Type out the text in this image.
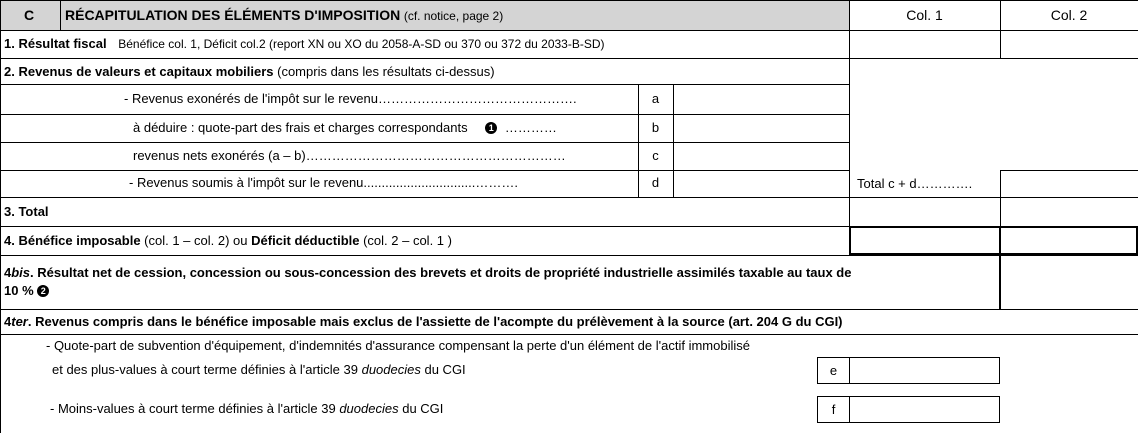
C RÉCAPITULATION DES ÉLÉMENTS D'IMPOSITION (cf. notice, page 2)	Col. 1	Col. 2
1. Résultat fiscal Bénéfice col. 1, Déficit col.2 (report XN ou XO du 2058-A-SD ou 370 ou 372 du 2033-B-SD)
2. Revenus de valeurs et capitaux mobiliers (compris dans les résultats ci-dessus)
- Revenus exonérés de l'impôt sur le revenu……………………………………….	a
à déduire : quote-part des frais et charges correspondants 1 …………	b
revenus nets exonérés (a – b)……………………………………………………	c
- Revenus soumis à l'impôt sur le revenu...............................……….	d	Total c + d………….
3. Total
4. Bénéfice imposable (col. 1 – col. 2) ou Déficit déductible (col. 2 – col. 1 )
4bis. Résultat net de cession, concession ou sous-concession des brevets et droits de propriété industrielle assimilés taxable au taux de
10 % 2
4ter. Revenus compris dans le bénéfice imposable mais exclus de l'assiette de l'acompte du prélèvement à la source (art. 204 G du CGI)
- Quote-part de subvention d'équipement, d'indemnités d'assurance compensant la perte d'un élément de l'actif immobilisé
et des plus-values à court terme définies à l'article 39 duodecies du CGI	e
- Moins-values à court terme définies à l'article 39 duodecies du CGI	f
